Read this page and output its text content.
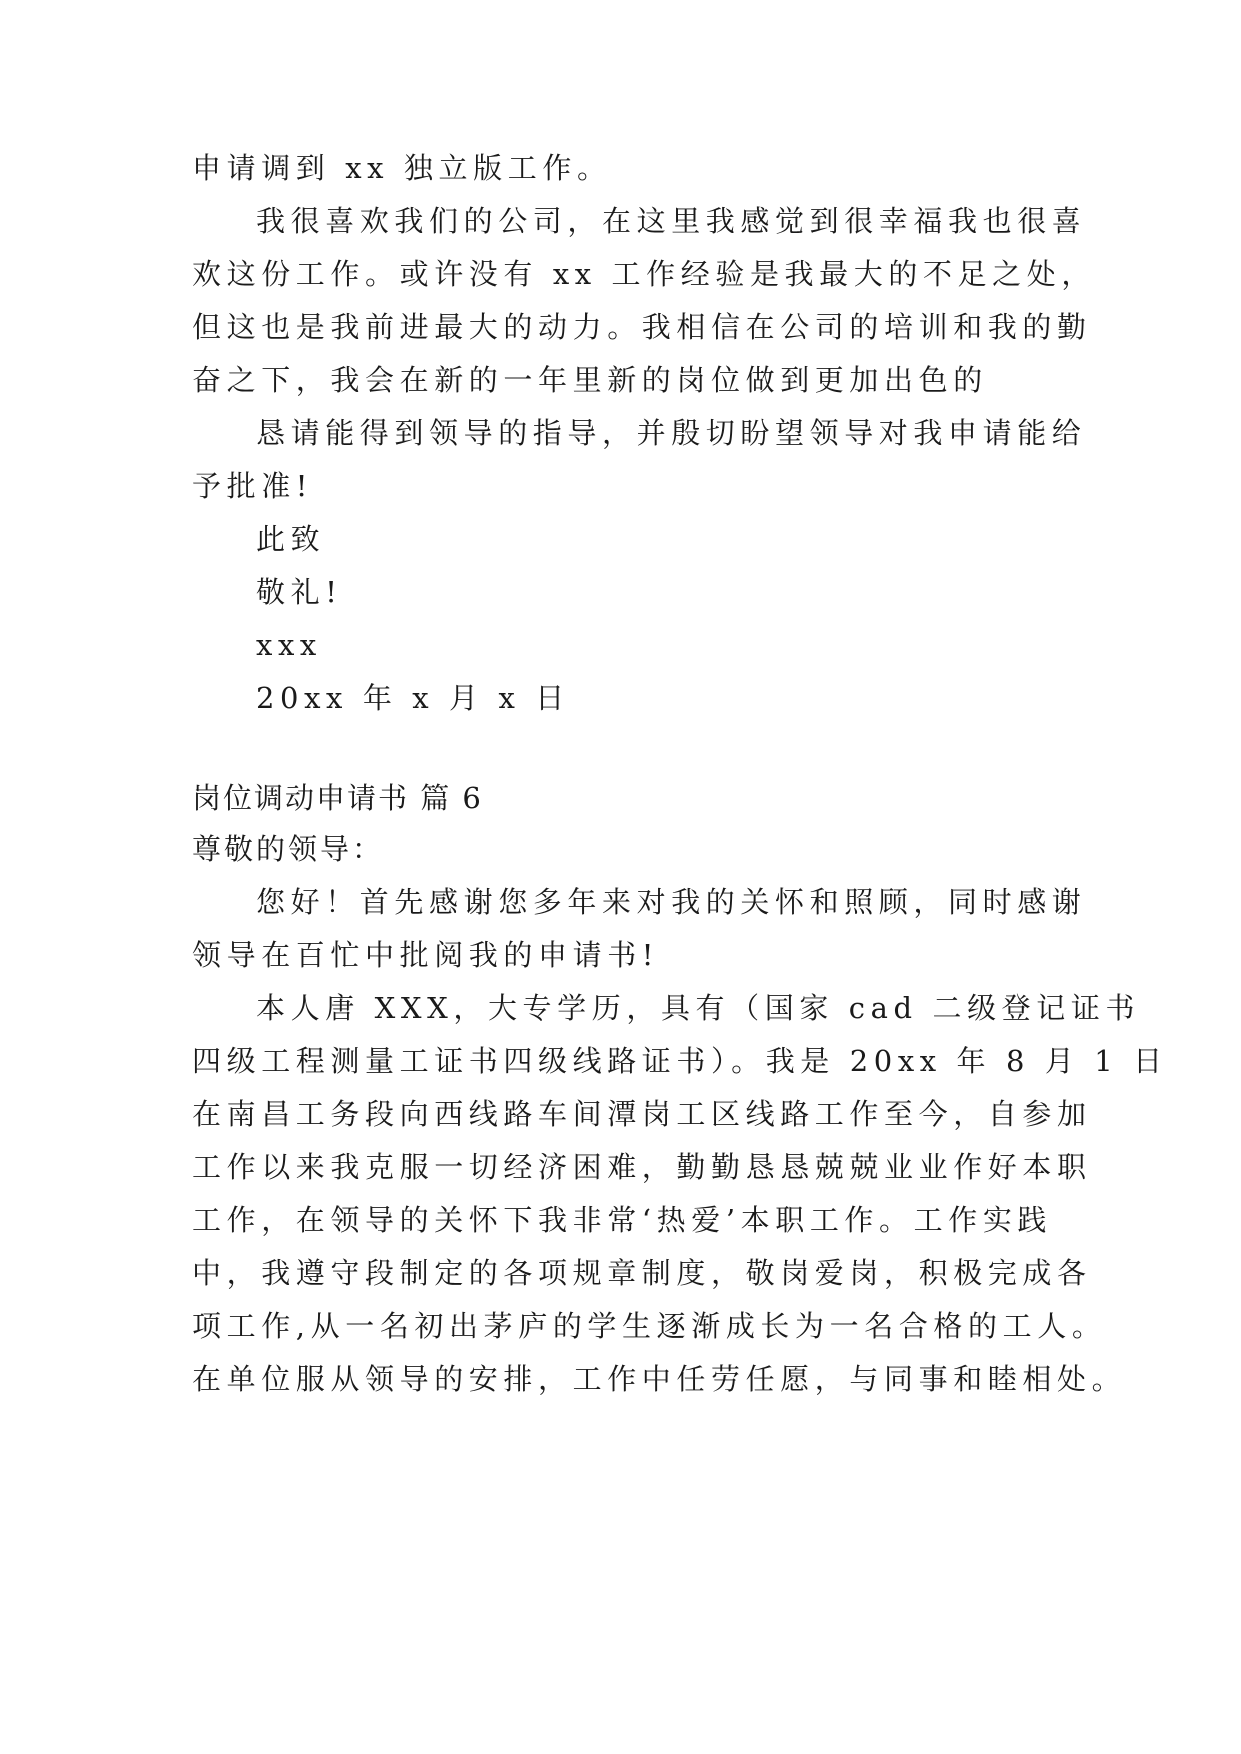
申请调到 xx 独立版工作。
我很喜欢我们的公司，在这里我感觉到很幸福我也很喜
欢这份工作。或许没有 xx 工作经验是我最大的不足之处，
但这也是我前进最大的动力。我相信在公司的培训和我的勤
奋之下，我会在新的一年里新的岗位做到更加出色的
恳请能得到领导的指导，并殷切盼望领导对我申请能给
予批准!
此致
敬礼!
xxx
20xx 年 x 月 x 日
岗位调动申请书 篇 6
尊敬的领导：
您好！首先感谢您多年来对我的关怀和照顾，同时感谢
领导在百忙中批阅我的申请书!
本人唐 XXX，大专学历，具有（国家 cad 二级登记证书
四级工程测量工证书四级线路证书）。我是 20xx 年 8 月 1 日
在南昌工务段向西线路车间潭岗工区线路工作至今，自参加
工作以来我克服一切经济困难，勤勤恳恳兢兢业业作好本职
工作，在领导的关怀下我非常‘热爱’本职工作。工作实践
中，我遵守段制定的各项规章制度，敬岗爱岗，积极完成各
项工作,从一名初出茅庐的学生逐渐成长为一名合格的工人。
在单位服从领导的安排，工作中任劳任愿，与同事和睦相处。
